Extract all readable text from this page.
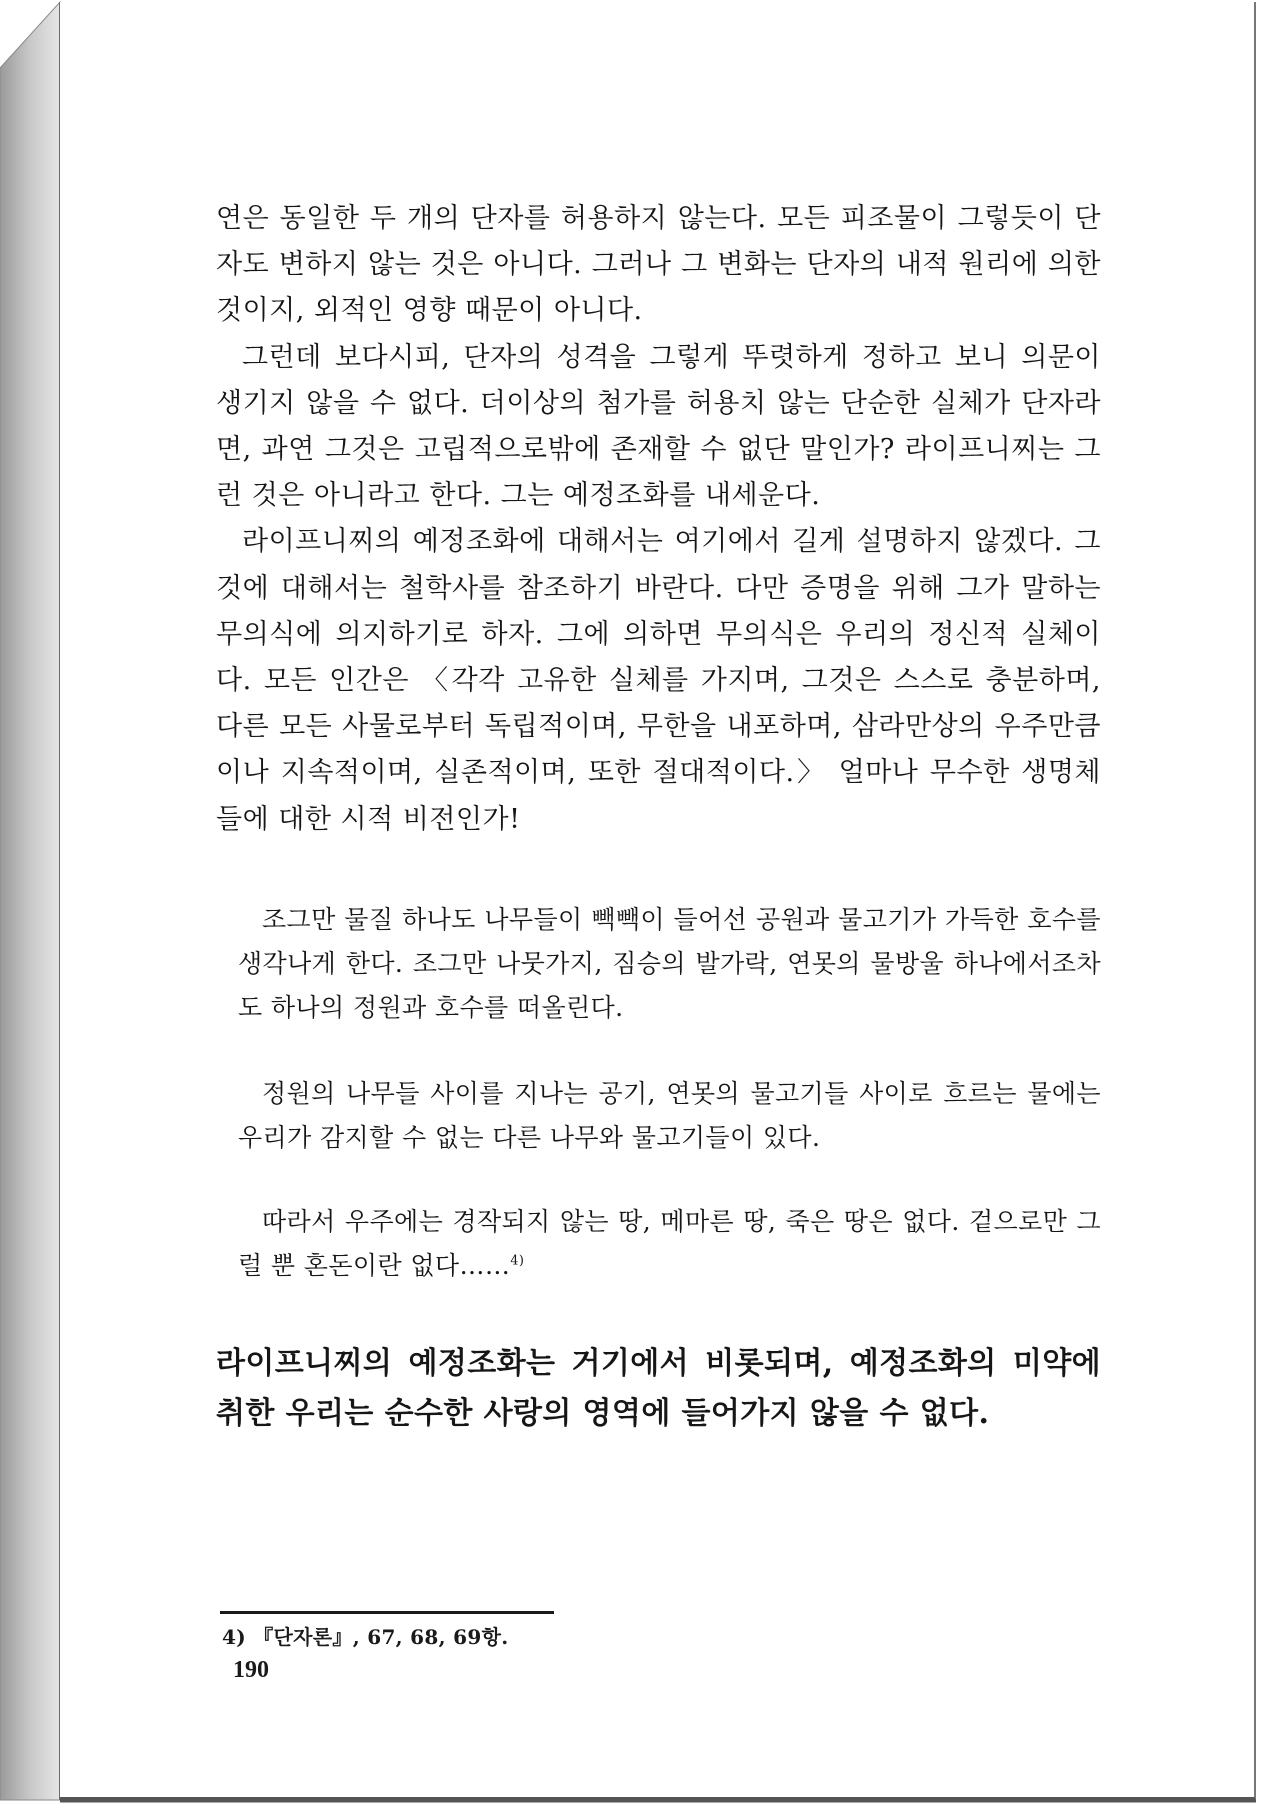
연은 동일한 두 개의 단자를 허용하지 않는다. 모든 피조물이 그렇듯이 단자도 변하지 않는 것은 아니다. 그러나 그 변화는 단자의 내적 원리에 의한 것이지, 외적인 영향 때문이 아니다.

그런데 보다시피, 단자의 성격을 그렇게 뚜렷하게 정하고 보니 의문이 생기지 않을 수 없다. 더이상의 첨가를 허용치 않는 단순한 실체가 단자라면, 과연 그것은 고립적으로밖에 존재할 수 없단 말인가? 라이프니찌는 그런 것은 아니라고 한다. 그는 예정조화를 내세운다.

라이프니찌의 예정조화에 대해서는 여기에서 길게 설명하지 않겠다. 그것에 대해서는 철학사를 참조하기 바란다. 다만 증명을 위해 그가 말하는 무의식에 의지하기로 하자. 그에 의하면 무의식은 우리의 정신적 실체이다. 모든 인간은 〈각각 고유한 실체를 가지며, 그것은 스스로 충분하며, 다른 모든 사물로부터 독립적이며, 무한을 내포하며, 삼라만상의 우주만큼이나 지속적이며, 실존적이며, 또한 절대적이다.〉 얼마나 무수한 생명체들에 대한 시적 비전인가!

조그만 물질 하나도 나무들이 빽빽이 들어선 공원과 물고기가 가득한 호수를 생각나게 한다. 조그만 나뭇가지, 짐승의 발가락, 연못의 물방울 하나에서조차도 하나의 정원과 호수를 떠올린다.

정원의 나무들 사이를 지나는 공기, 연못의 물고기들 사이로 흐르는 물에는 우리가 감지할 수 없는 다른 나무와 물고기들이 있다.

따라서 우주에는 경작되지 않는 땅, 메마른 땅, 죽은 땅은 없다. 겉으로만 그럴 뿐 혼돈이란 없다……$^{4)}$

라이프니찌의 예정조화는 거기에서 비롯되며, 예정조화의 미약에 취한 우리는 순수한 사랑의 영역에 들어가지 않을 수 없다.

4) 『단자론』, 67, 68, 69항.
190
